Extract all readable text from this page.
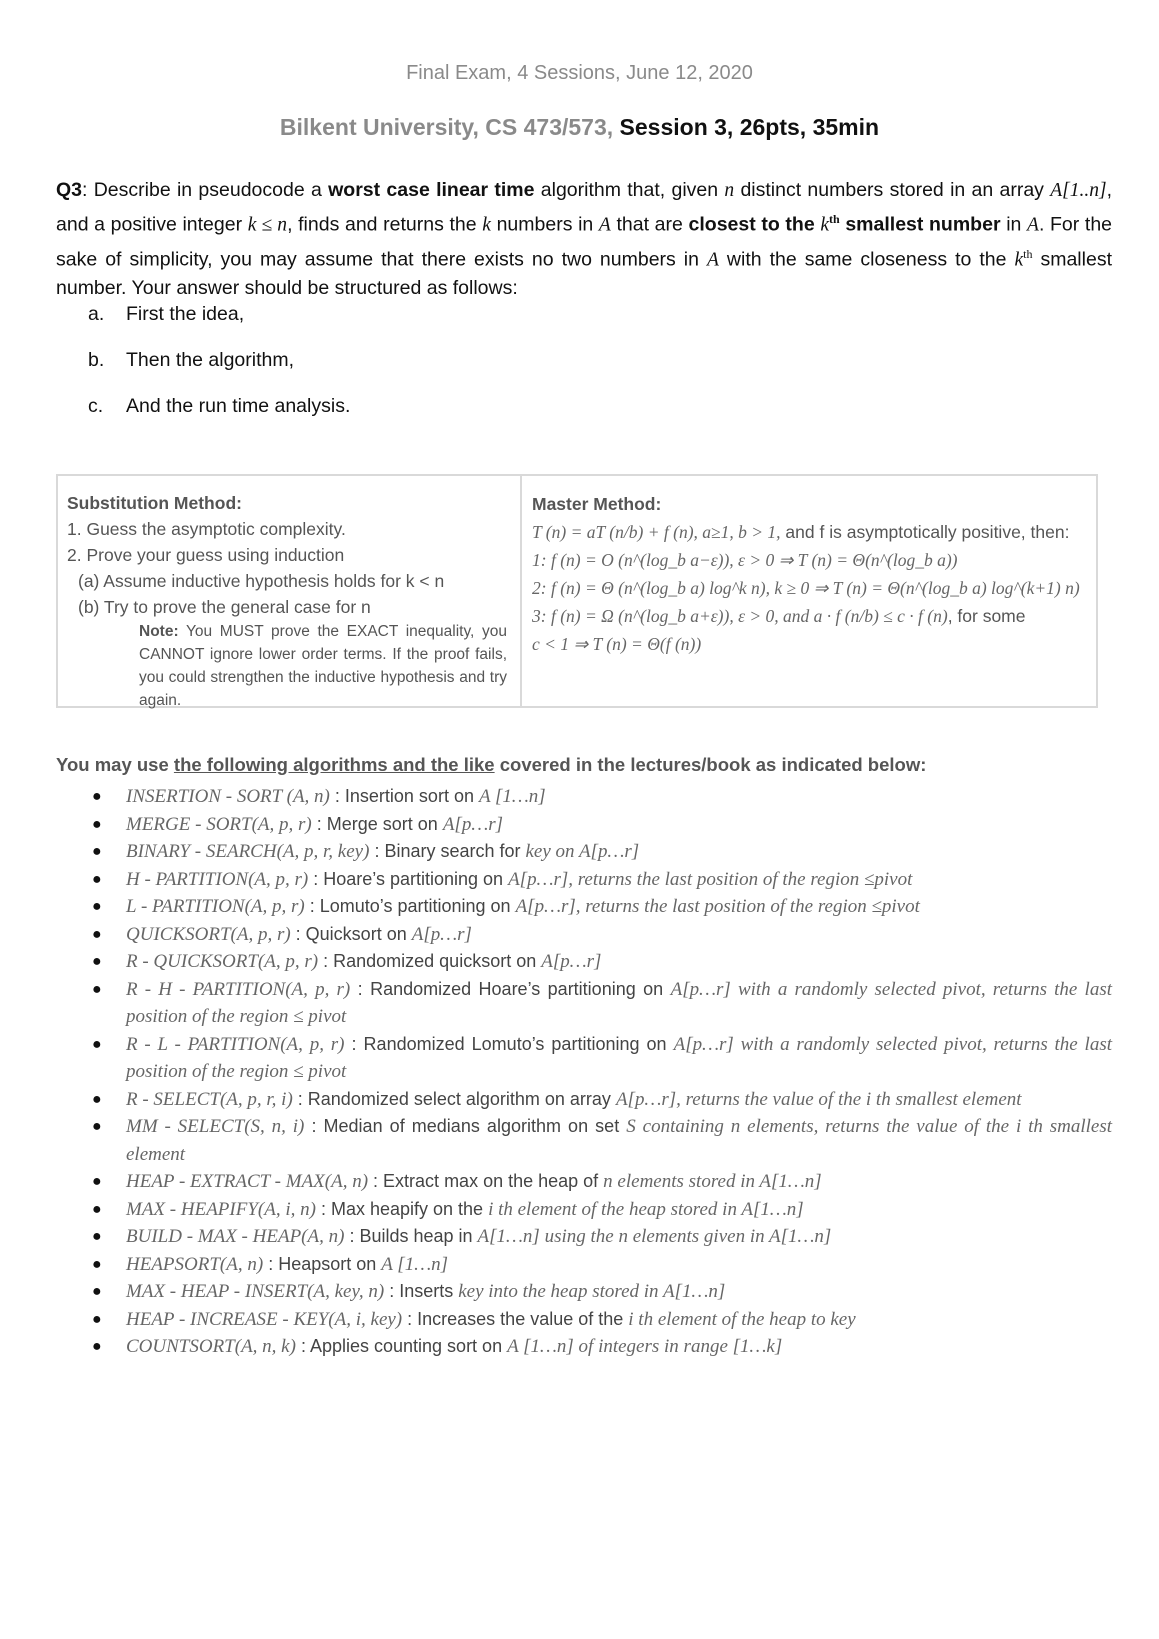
Final Exam, 4 Sessions, June 12, 2020
Bilkent University, CS 473/573, Session 3, 26pts, 35min
Q3: Describe in pseudocode a worst case linear time algorithm that, given n distinct numbers stored in an array A[1..n], and a positive integer k ≤ n, finds and returns the k numbers in A that are closest to the $k^{th}$ smallest number in A. For the sake of simplicity, you may assume that there exists no two numbers in A with the same closeness to the $k^{th}$ smallest number. Your answer should be structured as follows:
a. First the idea,
b. Then the algorithm,
c. And the run time analysis.
Substitution Method:
1. Guess the asymptotic complexity.
2. Prove your guess using induction
(a) Assume inductive hypothesis holds for k < n
(b) Try to prove the general case for n
Note: You MUST prove the EXACT inequality, you CANNOT ignore lower order terms. If the proof fails, you could strengthen the inductive hypothesis and try again.
Master Method:
T (n) = aT (n/b) + f (n), a≥1, b > 1, and f is asymptotically positive, then:
1: f (n) = O (n^(log_b a−ε)), ε > 0 ⇒ T (n) = Θ(n^(log_b a))
2: f (n) = Θ (n^(log_b a) log^k n), k ≥ 0 ⇒ T (n) = Θ(n^(log_b a) log^(k+1) n)
3: f (n) = Ω (n^(log_b a+ε)), ε > 0, and a · f (n/b) ≤ c · f (n), for some
c < 1 ⇒ T (n) = Θ(f (n))
You may use the following algorithms and the like covered in the lectures/book as indicated below:
● INSERTION - SORT (A, n) : Insertion sort on A [1…n]
● MERGE - SORT(A, p, r) : Merge sort on A[p…r]
● BINARY - SEARCH(A, p, r, key) : Binary search for key on A[p…r]
● H - PARTITION(A, p, r) : Hoare’s partitioning on A[p…r], returns the last position of the region ≤pivot
● L - PARTITION(A, p, r) : Lomuto’s partitioning on A[p…r], returns the last position of the region ≤pivot
● QUICKSORT(A, p, r) : Quicksort on A[p…r]
● R - QUICKSORT(A, p, r) : Randomized quicksort on A[p…r]
● R - H - PARTITION(A, p, r) : Randomized Hoare’s partitioning on A[p…r] with a randomly selected pivot, returns the last position of the region ≤ pivot
● R - L - PARTITION(A, p, r) : Randomized Lomuto’s partitioning on A[p…r] with a randomly selected pivot, returns the last position of the region ≤ pivot
● R - SELECT(A, p, r, i) : Randomized select algorithm on array A[p…r], returns the value of the i th smallest element
● MM - SELECT(S, n, i) : Median of medians algorithm on set S containing n elements, returns the value of the i th smallest element
● HEAP - EXTRACT - MAX(A, n) : Extract max on the heap of n elements stored in A[1…n]
● MAX - HEAPIFY(A, i, n) : Max heapify on the i th element of the heap stored in A[1…n]
● BUILD - MAX - HEAP(A, n) : Builds heap in A[1…n] using the n elements given in A[1…n]
● HEAPSORT(A, n) : Heapsort on A [1…n]
● MAX - HEAP - INSERT(A, key, n) : Inserts key into the heap stored in A[1…n]
● HEAP - INCREASE - KEY(A, i, key) : Increases the value of the i th element of the heap to key
● COUNTSORT(A, n, k) : Applies counting sort on A [1…n] of integers in range [1…k]
